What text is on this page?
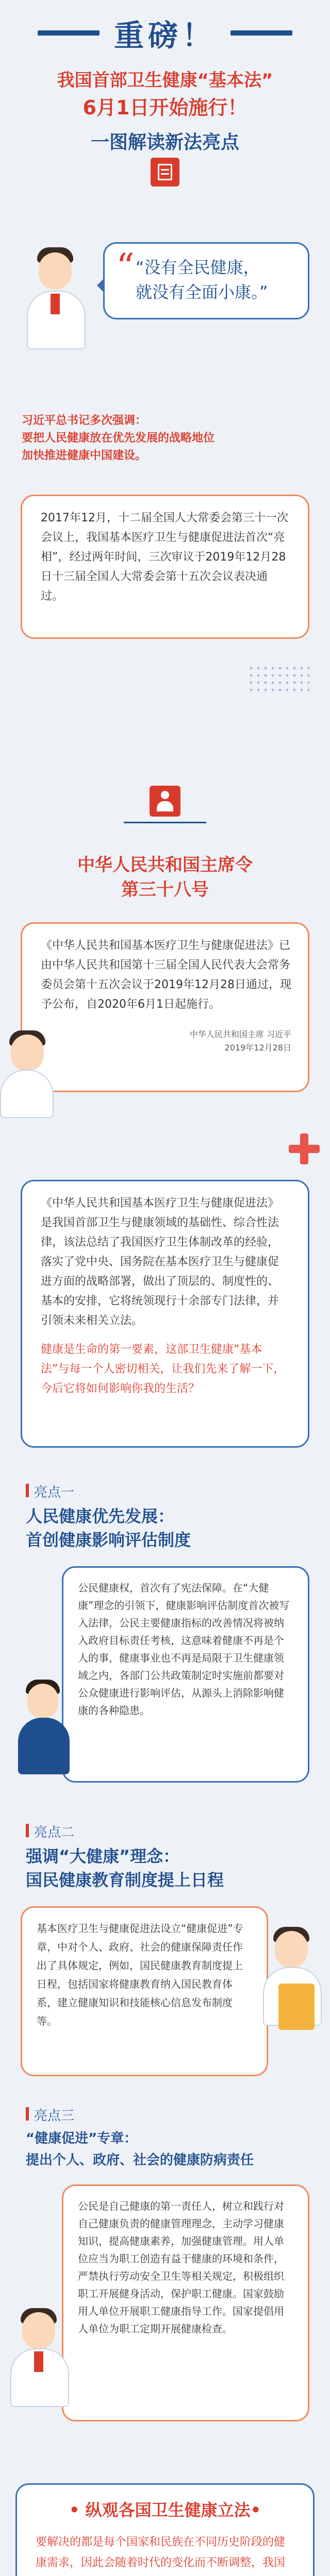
重磅！
我国首部卫生健康“基本法”
6月1日开始施行！
一图解读新法亮点
“ “没有全民健康，
就没有全面小康。”
习近平总书记多次强调：
要把人民健康放在优先发展的战略地位
加快推进健康中国建设。

2017年12月，十二届全国人大常委会第三十一次会议上，我国基本医疗卫生与健康促进法首次“亮相”，经过两年时间，三次审议于2019年12月28日十三届全国人大常委会第十五次会议表决通过。

中华人民共和国主席令
第三十八号

《中华人民共和国基本医疗卫生与健康促进法》已由中华人民共和国第十三届全国人民代表大会常务委员会第十五次会议于2019年12月28日通过，现予公布，自2020年6月1日起施行。

中华人民共和国主席 习近平
2019年12月28日

《中华人民共和国基本医疗卫生与健康促进法》是我国首部卫生与健康领域的基础性、综合性法律，该法总结了我国医疗卫生体制改革的经验，落实了党中央、国务院在基本医疗卫生与健康促进方面的战略部署，做出了顶层的、制度性的、基本的安排，它将统领现行十余部专门法律，并引领未来相关立法。

健康是生命的第一要素，这部卫生健康“基本法”与每一个人密切相关，让我们先来了解一下，今后它将如何影响你我的生活？

亮点一
人民健康优先发展：
首创健康影响评估制度

公民健康权，首次有了宪法保障。在“大健康”理念的引领下，健康影响评估制度首次被写入法律，公民主要健康指标的改善情况将被纳入政府目标责任考核，这意味着健康不再是个人的事，健康事业也不再是局限于卫生健康领域之内，各部门公共政策制定时实施前都要对公众健康进行影响评估，从源头上消除影响健康的各种隐患。

亮点二
强调“大健康”理念：
国民健康教育制度提上日程

基本医疗卫生与健康促进法设立“健康促进”专章，中对个人、政府、社会的健康保障责任作出了具体规定，例如，国民健康教育制度提上日程，包括国家将健康教育纳入国民教育体系，建立健康知识和技能核心信息发布制度等。

亮点三
“健康促进”专章：
提出个人、政府、社会的健康防病责任

公民是自己健康的第一责任人，树立和践行对自己健康负责的健康管理理念，主动学习健康知识，提高健康素养，加强健康管理。用人单位应当为职工创造有益于健康的环境和条件，严禁执行劳动安全卫生等相关规定，积极组织职工开展健身活动，保护职工健康。国家鼓励用人单位开展职工健康指导工作。国家提倡用人单位为职工定期开展健康检查。

• 纵观各国卫生健康立法•

要解决的都是每个国家和民族在不同历史阶段的健康需求，因此会随着时代的变化而不断调整，我国
